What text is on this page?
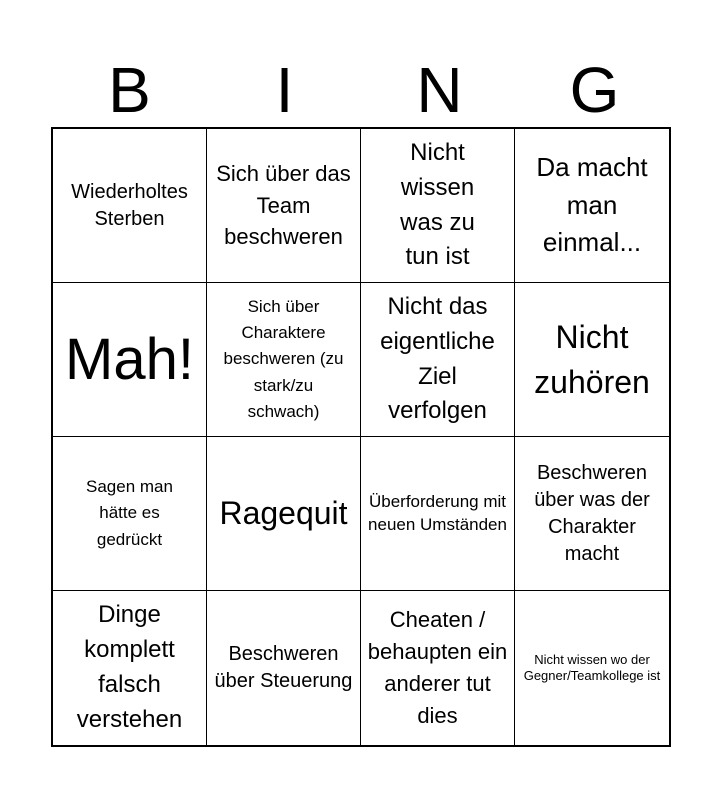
B	I	N	G
Wiederholtes Sterben
Sich über das Team beschweren
Nicht wissen was zu tun ist
Da macht man einmal...
Mah!
Sich über Charaktere beschweren (zu stark/zu schwach)
Nicht das eigentliche Ziel verfolgen
Nicht zuhören
Sagen man hätte es gedrückt
Ragequit Überforderung mit neuen Umständen
Beschweren über was der Charakter macht
Dinge komplett falsch verstehen
Beschweren über Steuerung
Cheaten / behaupten ein anderer tut dies
Nicht wissen wo der Gegner/Teamkollege ist
